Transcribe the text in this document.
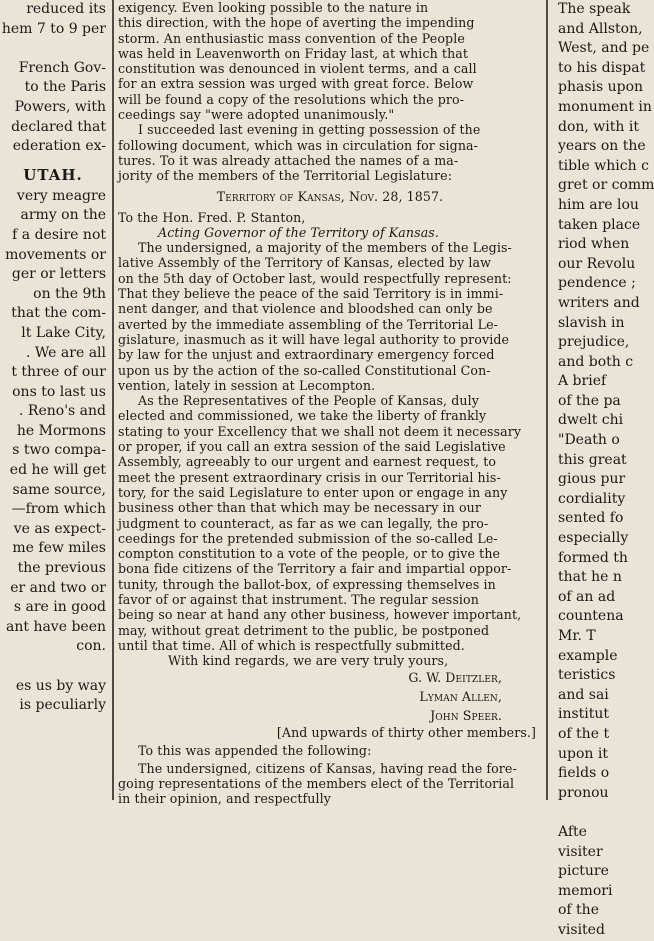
reduced its
hem 7 to 9 per
French Gov-
to the Paris
Powers, with
declared that
ederation ex-
UTAH.
very meagre
army on the
f a desire not
movements or
ger or letters
on the 9th
that the com-
lt Lake City,
. We are all
t three of our
ons to last us
. Reno's and
he Mormons
s two compa-
ed he will get
same source,
—from which
ve as expect-
me few miles
the previous
er and two or
s are in good
ant have been
con.
es us by way
is peculiarly
exigency. Even looking possible to the nature in
this direction, with the hope of averting the impending
storm. An enthusiastic mass convention of the People
was held in Leavenworth on Friday last, at which that
constitution was denounced in violent terms, and a call
for an extra session was urged with great force. Below
will be found a copy of the resolutions which the pro-
ceedings say "were adopted unanimously."
I succeeded last evening in getting possession of the
following document, which was in circulation for signa-
tures. To it was already attached the names of a ma-
jority of the members of the Territorial Legislature:
Territory of Kansas, Nov. 28, 1857.
To the Hon. Fred. P. Stanton,
Acting Governor of the Territory of Kansas.
The undersigned, a majority of the members of the Legis-
lative Assembly of the Territory of Kansas, elected by law
on the 5th day of October last, would respectfully represent:
That they believe the peace of the said Territory is in immi-
nent danger, and that violence and bloodshed can only be
averted by the immediate assembling of the Territorial Le-
gislature, inasmuch as it will have legal authority to provide
by law for the unjust and extraordinary emergency forced
upon us by the action of the so-called Constitutional Con-
vention, lately in session at Lecompton.
As the Representatives of the People of Kansas, duly
elected and commissioned, we take the liberty of frankly
stating to your Excellency that we shall not deem it necessary
or proper, if you call an extra session of the said Legislative
Assembly, agreeably to our urgent and earnest request, to
meet the present extraordinary crisis in our Territorial his-
tory, for the said Legislature to enter upon or engage in any
business other than that which may be necessary in our
judgment to counteract, as far as we can legally, the pro-
ceedings for the pretended submission of the so-called Le-
compton constitution to a vote of the people, or to give the
bona fide citizens of the Territory a fair and impartial oppor-
tunity, through the ballot-box, of expressing themselves in
favor of or against that instrument. The regular session
being so near at hand any other business, however important,
may, without great detriment to the public, be postponed
until that time. All of which is respectfully submitted.
With kind regards, we are very truly yours,
G. W. Deitzler,
Lyman Allen,
John Speer.
[And upwards of thirty other members.]
To this was appended the following:
The undersigned, citizens of Kansas, having read the fore-
going representations of the members elect of the Territorial
in their opinion, and respectfully
The speak
and Allston,
West, and pe
to his dispat
phasis upon
monument in
don, with it
years on the
tible which c
gret or comm
him are lou
taken place
riod when
our Revolu
pendence ;
writers and
slavish in
prejudice,
and both c
A brief
of the pa
dwelt chi
"Death o
this great
gious pur
cordiality
sented fo
especially
formed th
that he n
of an ad
countena
Mr. T
example
teristics
and sai
institut
of the t
upon it
fields o
pronou
Afte
visiter
picture
memori
of the
visited
